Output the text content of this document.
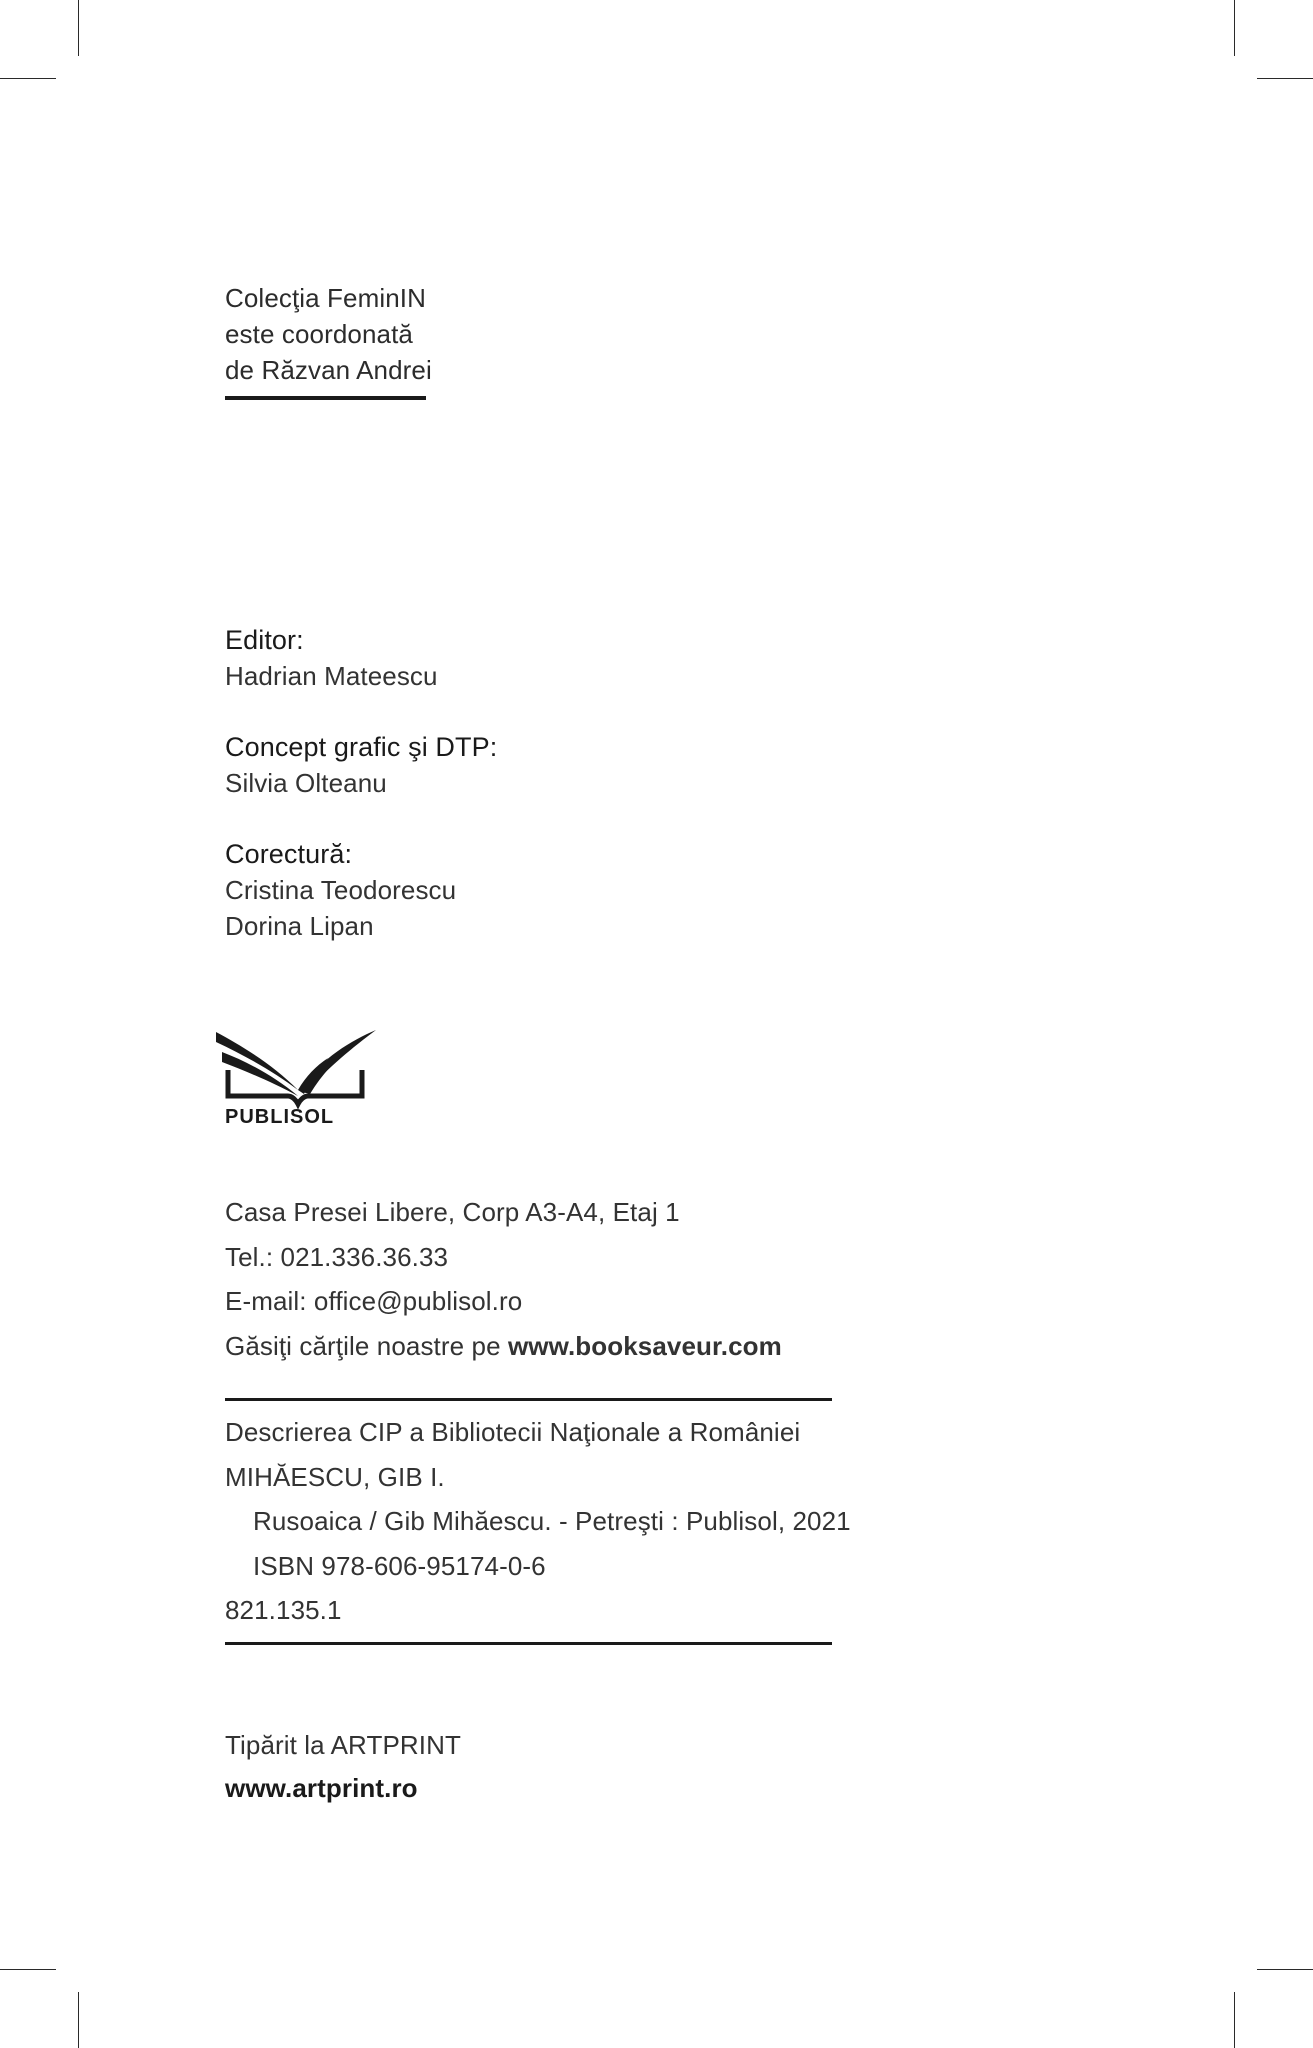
Colecţia FeminIN
este coordonată
de Răzvan Andrei
Editor:
Hadrian Mateescu
Concept grafic şi DTP:
Silvia Olteanu
Corectură:
Cristina Teodorescu
Dorina Lipan
PUBLISOL
Casa Presei Libere, Corp A3-A4, Etaj 1
Tel.: 021.336.36.33
E-mail: office@publisol.ro
Găsiţi cărţile noastre pe www.booksaveur.com
Descrierea CIP a Bibliotecii Naţionale a României
MIHĂESCU, GIB I.
Rusoaica / Gib Mihăescu. - Petreşti : Publisol, 2021
ISBN 978-606-95174-0-6
821.135.1
Tipărit la ARTPRINT
www.artprint.ro
